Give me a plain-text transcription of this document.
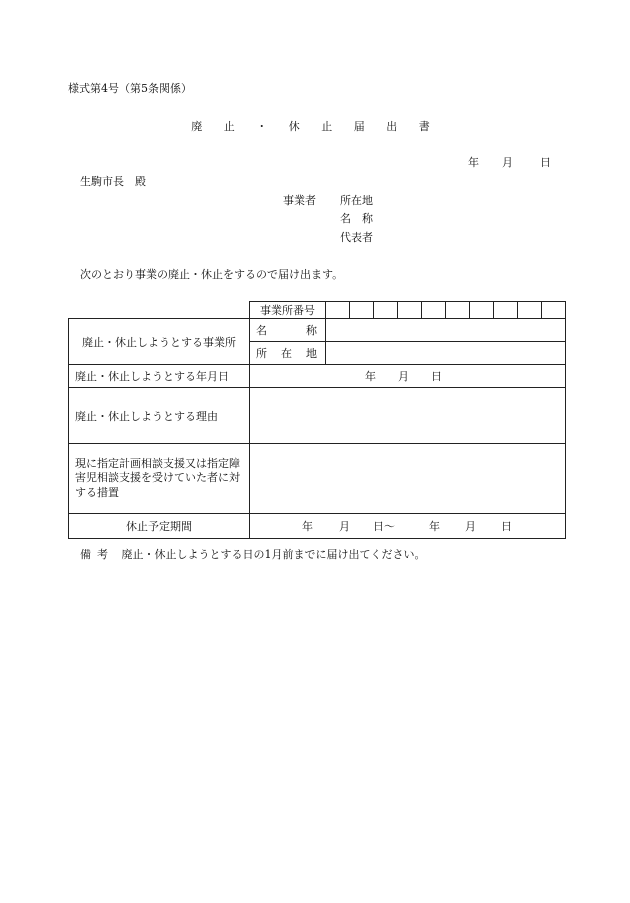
様式第4号（第5条関係）
廃 止 ・ 休 止 届 出 書
年 月 日
生駒市長　殿
事業者 所在地
名　称
代表者
次のとおり事業の廃止・休止をするので届け出ます。
	事業所番号										
廃止・休止しようとする事業所	名 称										

	所 在 地										

廃止・休止しようとする年月日	年 月 日										

廃止・休止しようとする理由											
現に指定計画相談支援又は指定障害児相談支援を受けていた者に対する措置											
休止予定期間	年 月 日～ 年 月 日										
備考 廃止・休止しようとする日の1月前までに届け出てください。
